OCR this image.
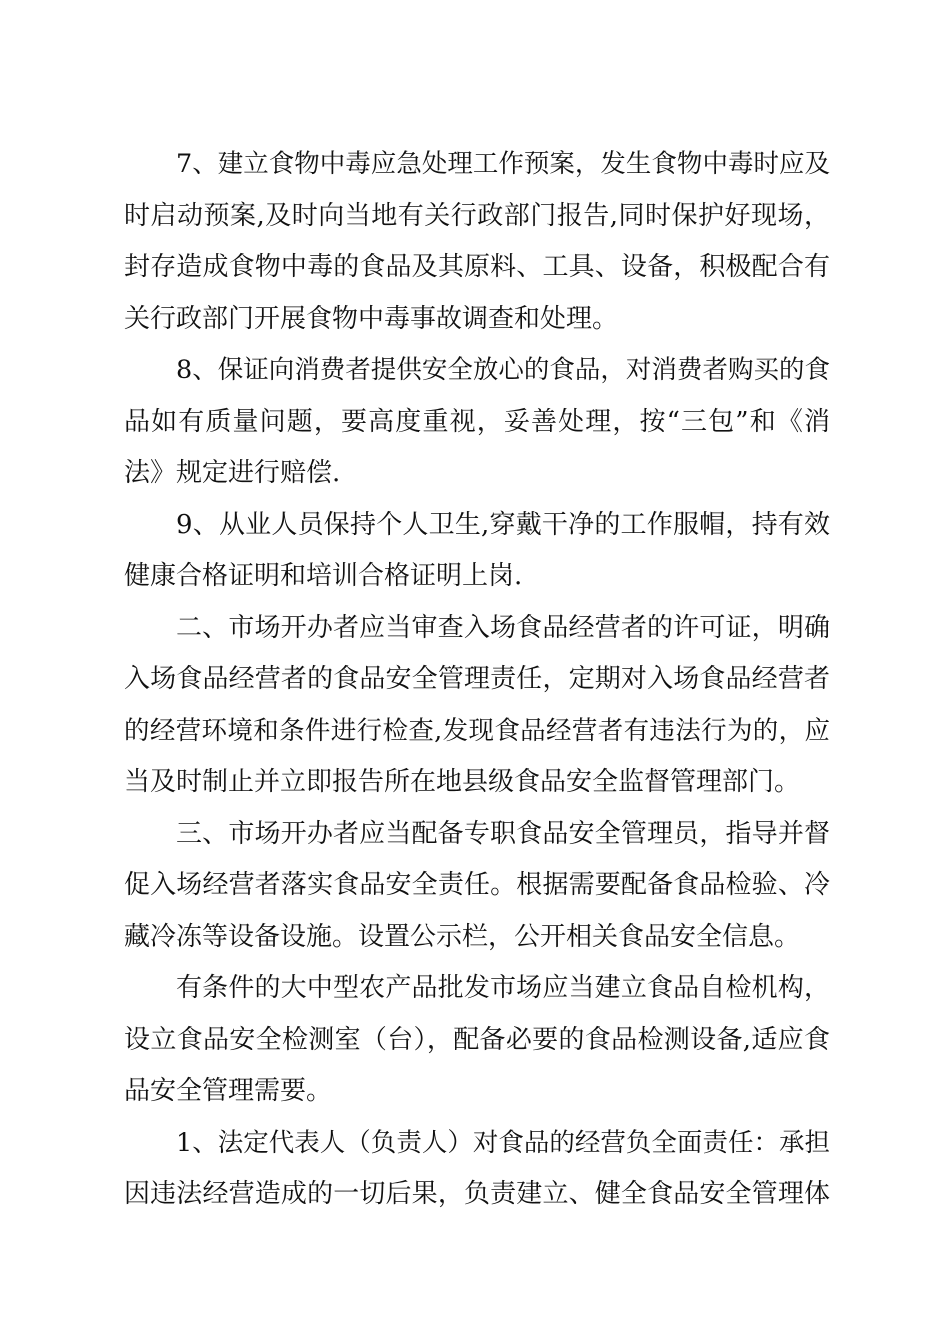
7、建立食物中毒应急处理工作预案，发生食物中毒时应及
时启动预案,及时向当地有关行政部门报告,同时保护好现场，
封存造成食物中毒的食品及其原料、工具、设备，积极配合有
关行政部门开展食物中毒事故调查和处理。
8、保证向消费者提供安全放心的食品，对消费者购买的食
品如有质量问题，要高度重视，妥善处理，按“三包”和《消
法》规定进行赔偿.
9、从业人员保持个人卫生,穿戴干净的工作服帽，持有效
健康合格证明和培训合格证明上岗.
二、市场开办者应当审查入场食品经营者的许可证，明确
入场食品经营者的食品安全管理责任，定期对入场食品经营者
的经营环境和条件进行检查,发现食品经营者有违法行为的，应
当及时制止并立即报告所在地县级食品安全监督管理部门。
三、市场开办者应当配备专职食品安全管理员，指导并督
促入场经营者落实食品安全责任。根据需要配备食品检验、冷
藏冷冻等设备设施。设置公示栏，公开相关食品安全信息。
有条件的大中型农产品批发市场应当建立食品自检机构，
设立食品安全检测室（台），配备必要的食品检测设备,适应食
品安全管理需要。
1、法定代表人（负责人）对食品的经营负全面责任：承担
因违法经营造成的一切后果，负责建立、健全食品安全管理体
